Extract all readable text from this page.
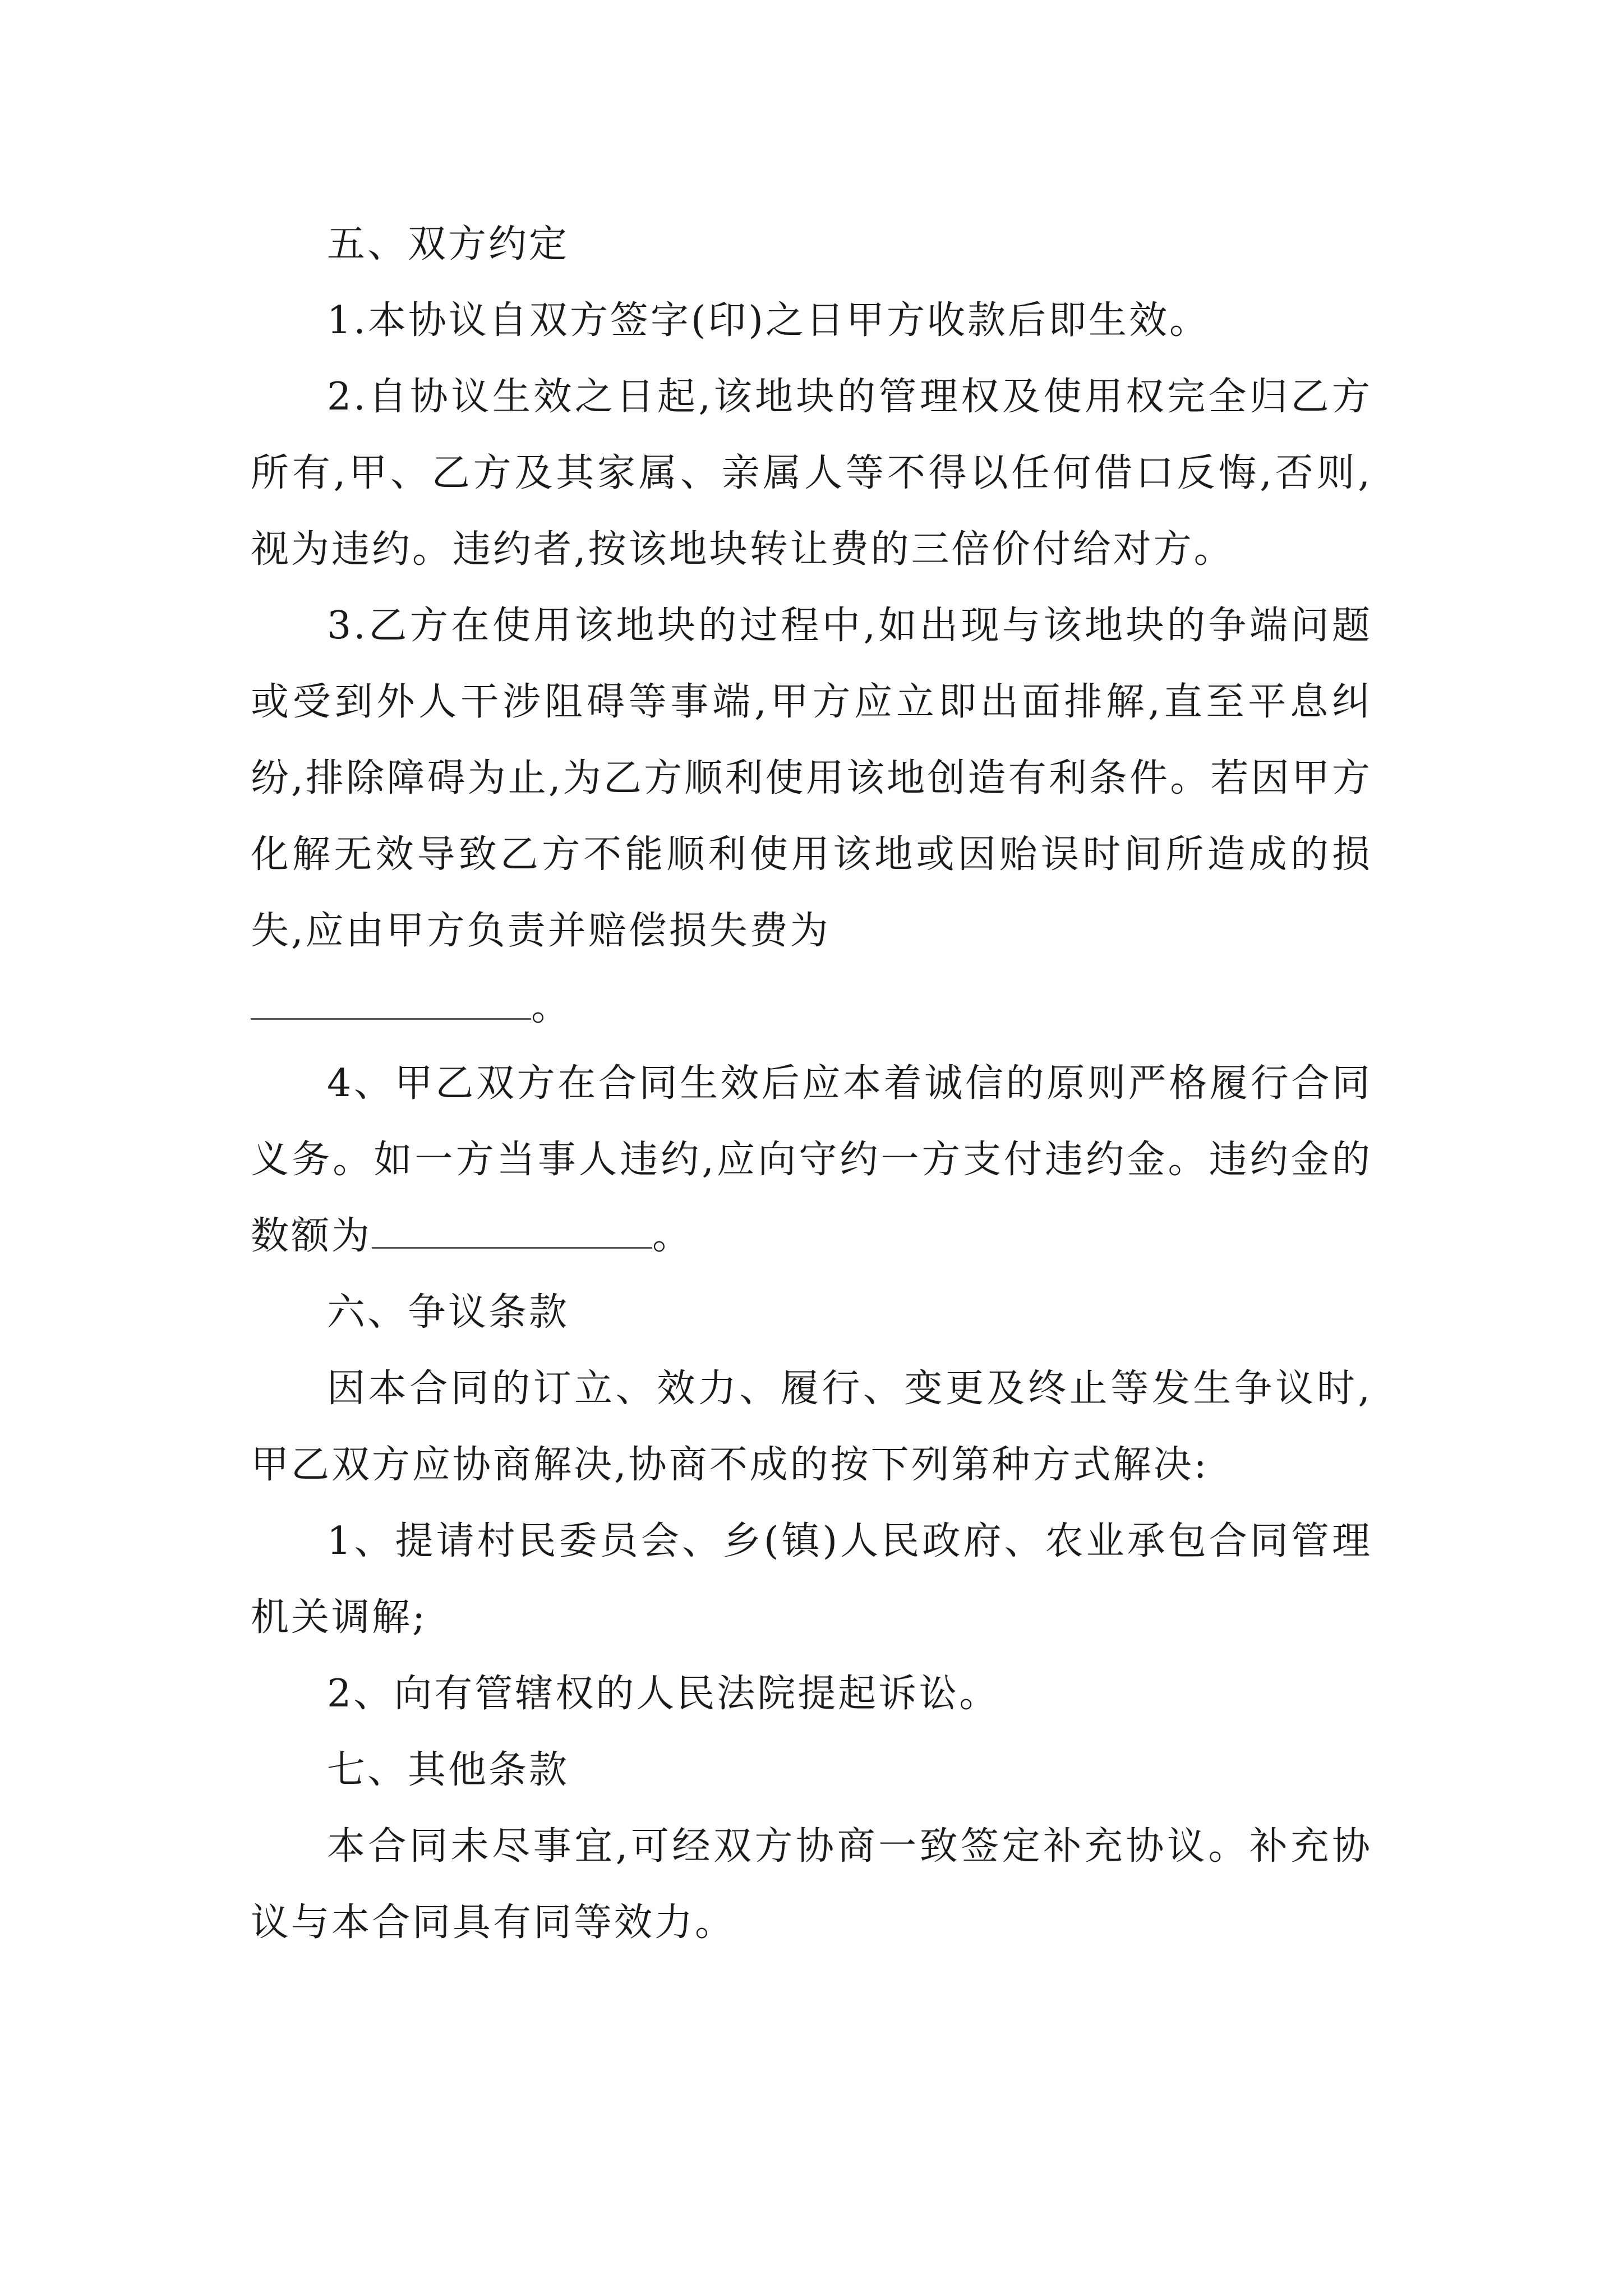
五、双方约定

1.本协议自双方签字(印)之日甲方收款后即生效。

2.自协议生效之日起,该地块的管理权及使用权完全归乙方所有,甲、乙方及其家属、亲属人等不得以任何借口反悔,否则,视为违约。违约者,按该地块转让费的三倍价付给对方。

3.乙方在使用该地块的过程中,如出现与该地块的争端问题或受到外人干涉阻碍等事端,甲方应立即出面排解,直至平息纠纷,排除障碍为止,为乙方顺利使用该地创造有利条件。若因甲方化解无效导致乙方不能顺利使用该地或因贻误时间所造成的损失,应由甲方负责并赔偿损失费为

。

4、甲乙双方在合同生效后应本着诚信的原则严格履行合同义务。如一方当事人违约,应向守约一方支付违约金。违约金的数额为	。

六、争议条款

因本合同的订立、效力、履行、变更及终止等发生争议时,甲乙双方应协商解决,协商不成的按下列第种方式解决:

1、提请村民委员会、乡(镇)人民政府、农业承包合同管理机关调解;

2、向有管辖权的人民法院提起诉讼。

七、其他条款

本合同未尽事宜,可经双方协商一致签定补充协议。补充协议与本合同具有同等效力。
